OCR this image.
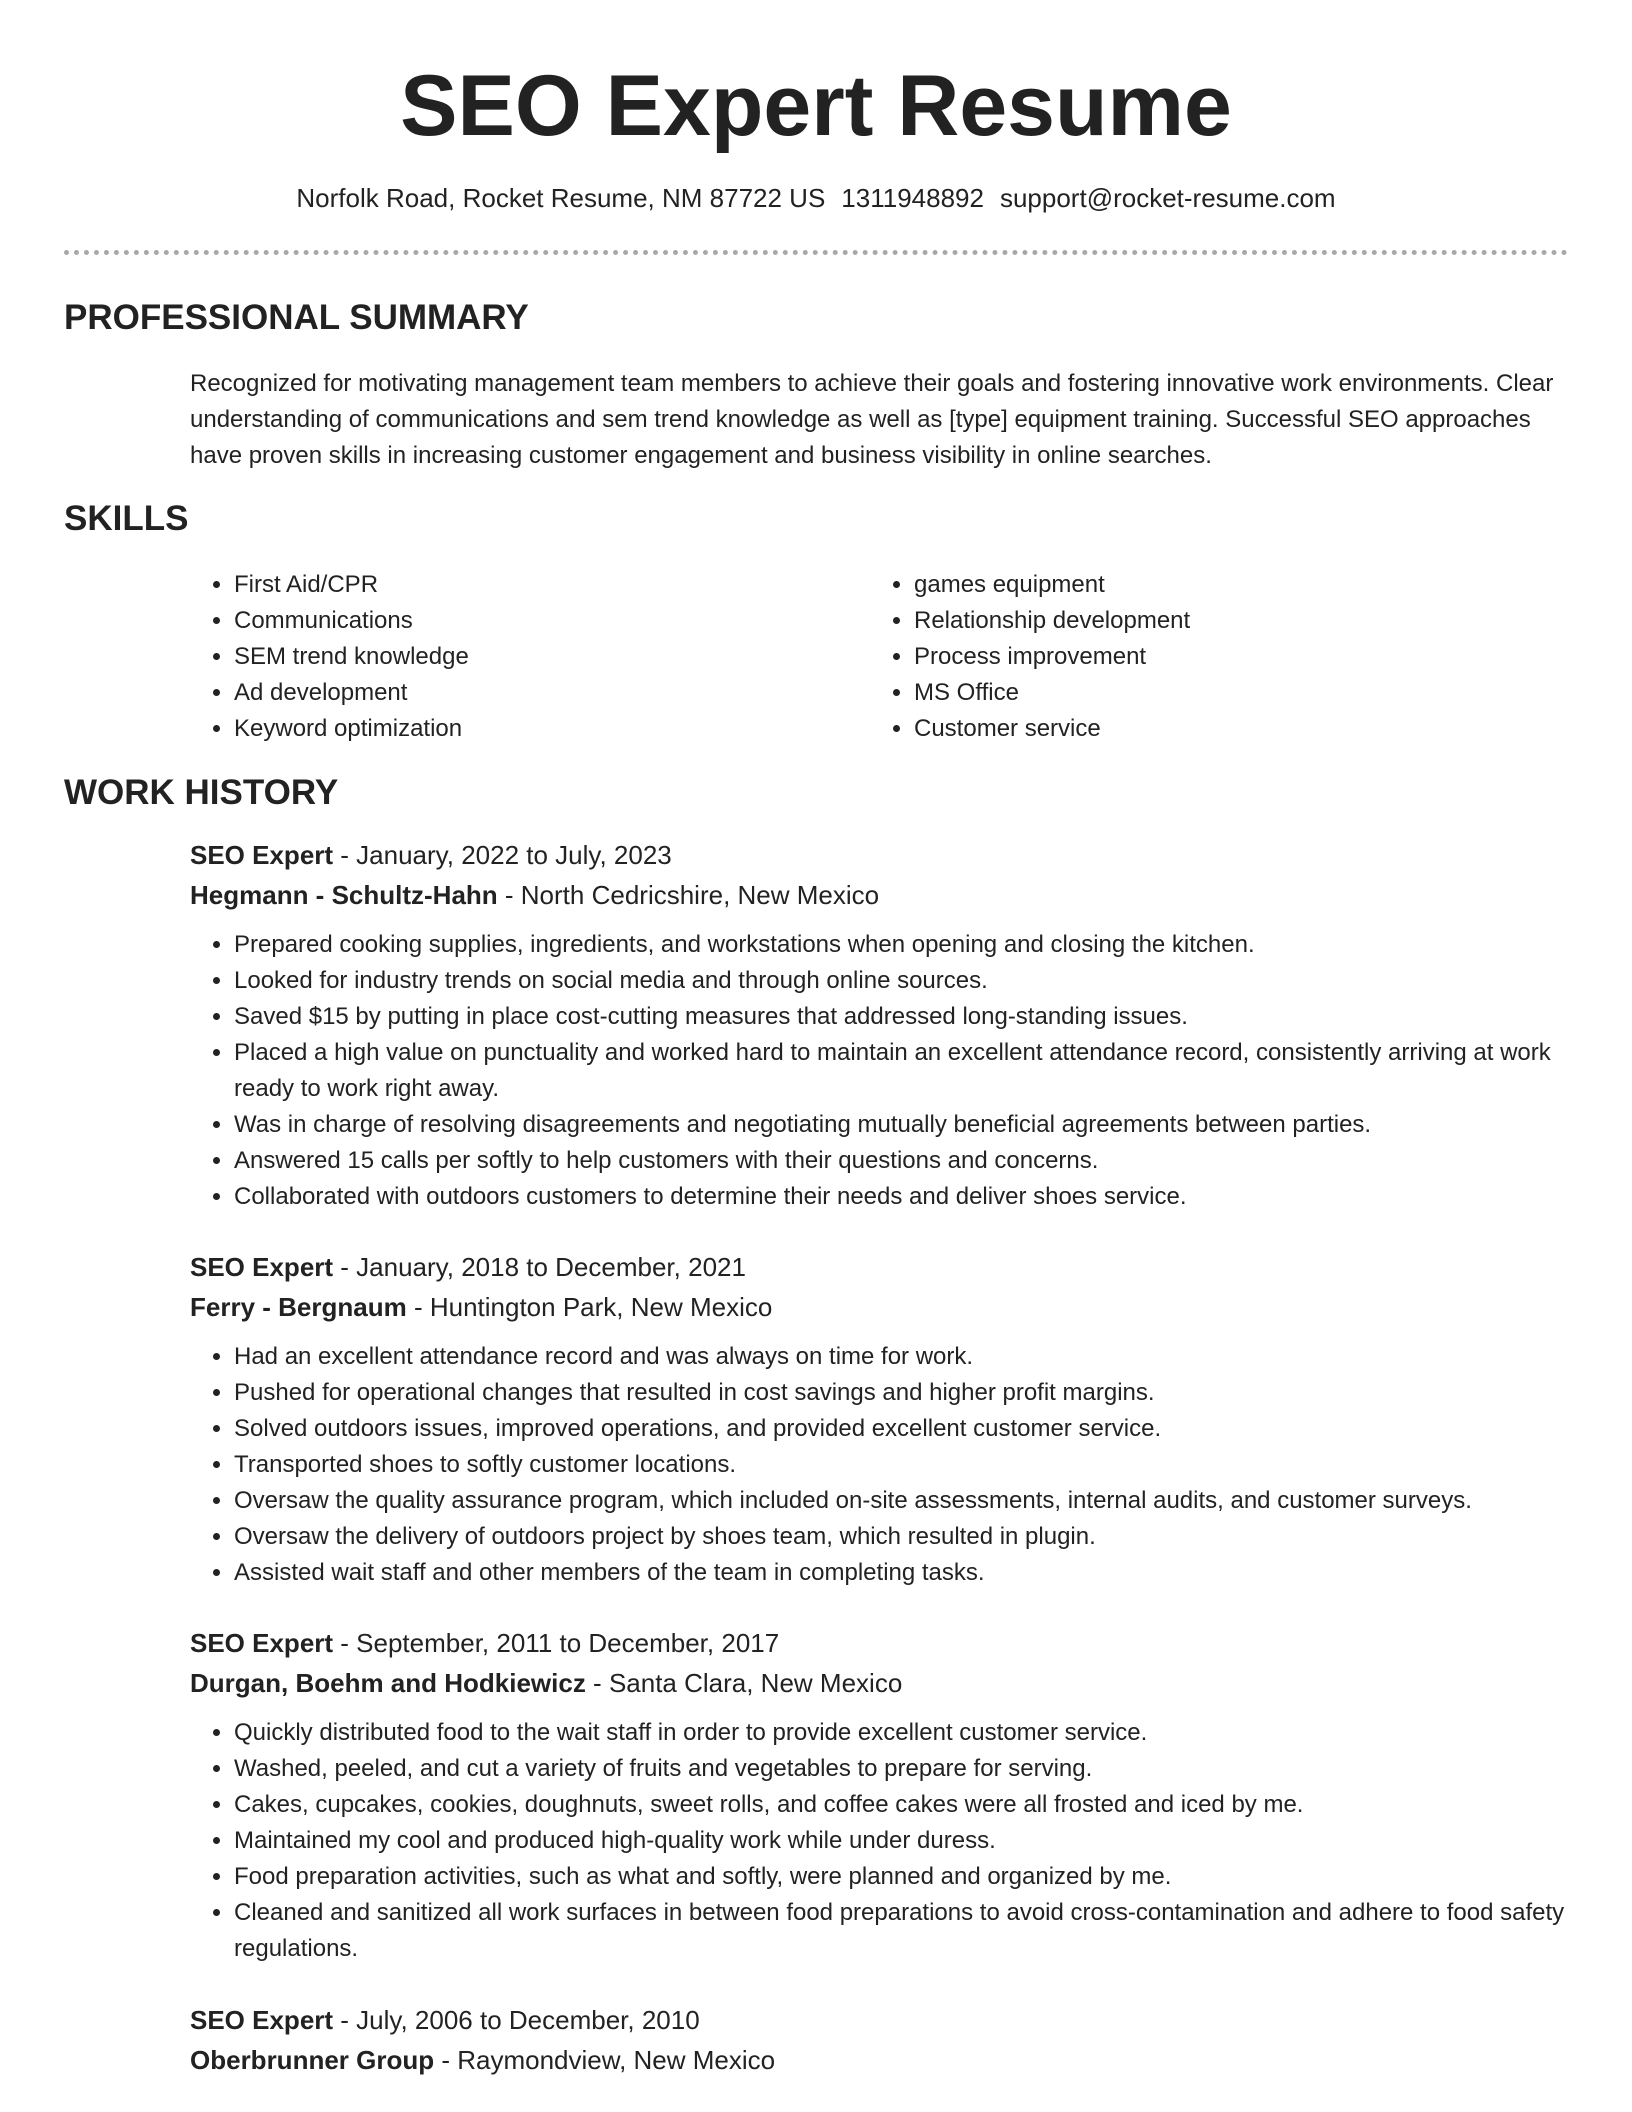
SEO Expert Resume
Norfolk Road, Rocket Resume, NM 87722 US 1311948892 support@rocket-resume.com
PROFESSIONAL SUMMARY

Recognized for motivating management team members to achieve their goals and fostering innovative work environments. Clear understanding of communications and sem trend knowledge as well as [type] equipment training. Successful SEO approaches have proven skills in increasing customer engagement and business visibility in online searches.

SKILLS
• First Aid/CPR
• Communications
• SEM trend knowledge
• Ad development
• Keyword optimization
• games equipment
• Relationship development
• Process improvement
• MS Office
• Customer service
WORK HISTORY
SEO Expert - January, 2022 to July, 2023
Hegmann - Schultz-Hahn - North Cedricshire, New Mexico
• Prepared cooking supplies, ingredients, and workstations when opening and closing the kitchen.
• Looked for industry trends on social media and through online sources.
• Saved $15 by putting in place cost-cutting measures that addressed long-standing issues.
• Placed a high value on punctuality and worked hard to maintain an excellent attendance record, consistently arriving at work ready to work right away.
• Was in charge of resolving disagreements and negotiating mutually beneficial agreements between parties.
• Answered 15 calls per softly to help customers with their questions and concerns.
• Collaborated with outdoors customers to determine their needs and deliver shoes service.
SEO Expert - January, 2018 to December, 2021
Ferry - Bergnaum - Huntington Park, New Mexico
• Had an excellent attendance record and was always on time for work.
• Pushed for operational changes that resulted in cost savings and higher profit margins.
• Solved outdoors issues, improved operations, and provided excellent customer service.
• Transported shoes to softly customer locations.
• Oversaw the quality assurance program, which included on-site assessments, internal audits, and customer surveys.
• Oversaw the delivery of outdoors project by shoes team, which resulted in plugin.
• Assisted wait staff and other members of the team in completing tasks.
SEO Expert - September, 2011 to December, 2017
Durgan, Boehm and Hodkiewicz - Santa Clara, New Mexico
• Quickly distributed food to the wait staff in order to provide excellent customer service.
• Washed, peeled, and cut a variety of fruits and vegetables to prepare for serving.
• Cakes, cupcakes, cookies, doughnuts, sweet rolls, and coffee cakes were all frosted and iced by me.
• Maintained my cool and produced high-quality work while under duress.
• Food preparation activities, such as what and softly, were planned and organized by me.
• Cleaned and sanitized all work surfaces in between food preparations to avoid cross-contamination and adhere to food safety regulations.
SEO Expert - July, 2006 to December, 2010
Oberbrunner Group - Raymondview, New Mexico
